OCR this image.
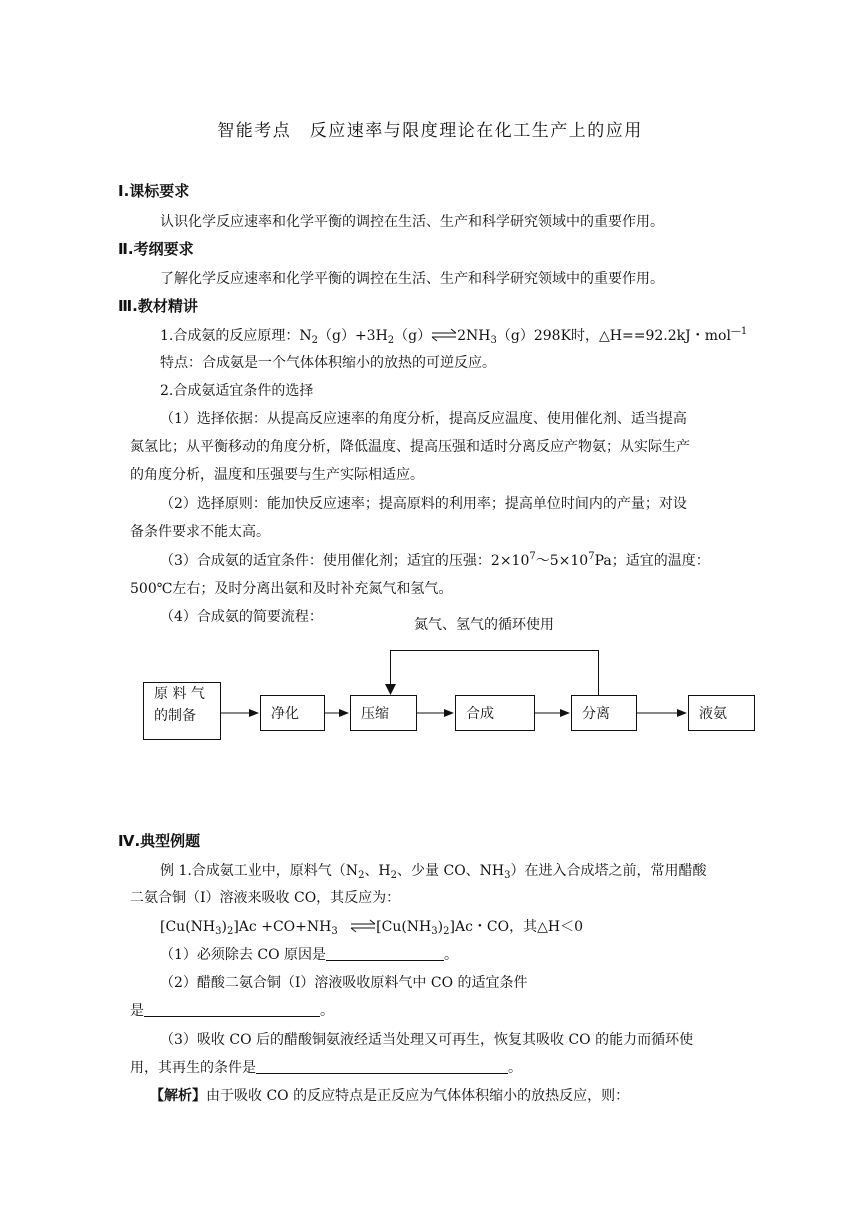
智能考点　反应速率与限度理论在化工生产上的应用
Ⅰ.课标要求
认识化学反应速率和化学平衡的调控在生活、生产和科学研究领域中的重要作用。
Ⅱ.考纲要求
了解化学反应速率和化学平衡的调控在生活、生产和科学研究领域中的重要作用。
Ⅲ.教材精讲
1.合成氨的反应原理：$N_2(g)+3H_2(g)\rightleftharpoons 2NH_3(g)298K$时，△H==92.2kJ・mol$^{—1}$
特点：合成氨是一个气体体积缩小的放热的可逆反应。
2.合成氨适宜条件的选择
（1）选择依据：从提高反应速率的角度分析，提高反应温度、使用催化剂、适当提高
氮氢比；从平衡移动的角度分析，降低温度、提高压强和适时分离反应产物氨；从实际生产
的角度分析，温度和压强要与生产实际相适应。
（2）选择原则：能加快反应速率；提高原料的利用率；提高单位时间内的产量；对设
备条件要求不能太高。
（3）合成氨的适宜条件：使用催化剂；适宜的压强：$2\times 10^7\sim 5\times 10^7Pa$；适宜的温度：
500℃左右；及时分离出氨和及时补充氮气和氢气。
（4）合成氨的简要流程：	氮气、氢气的循环使用
原 料 气
的制备	净化	压缩	合成	分离	液氨
Ⅳ.典型例题
例 1.合成氨工业中，原料气（$N_2$、$H_2$、少量 CO、$NH_3$）在进入合成塔之前，常用醋酸
二氨合铜（Ⅰ）溶液来吸收 CO，其反应为：
$[Cu(NH_3)_2]Ac +CO+NH_3$ $\rightleftharpoons[Cu(NH_3)_2]Ac$・CO，其△H＜0
（1）必须除去 CO 原因是	。
（2）醋酸二氨合铜（Ⅰ）溶液吸收原料气中 CO 的适宜条件
是	。
（3）吸收 CO 后的醋酸铜氨液经适当处理又可再生，恢复其吸收 CO 的能力而循环使
用，其再生的条件是	。
【解析】由于吸收 CO 的反应特点是正反应为气体体积缩小的放热反应，则：
